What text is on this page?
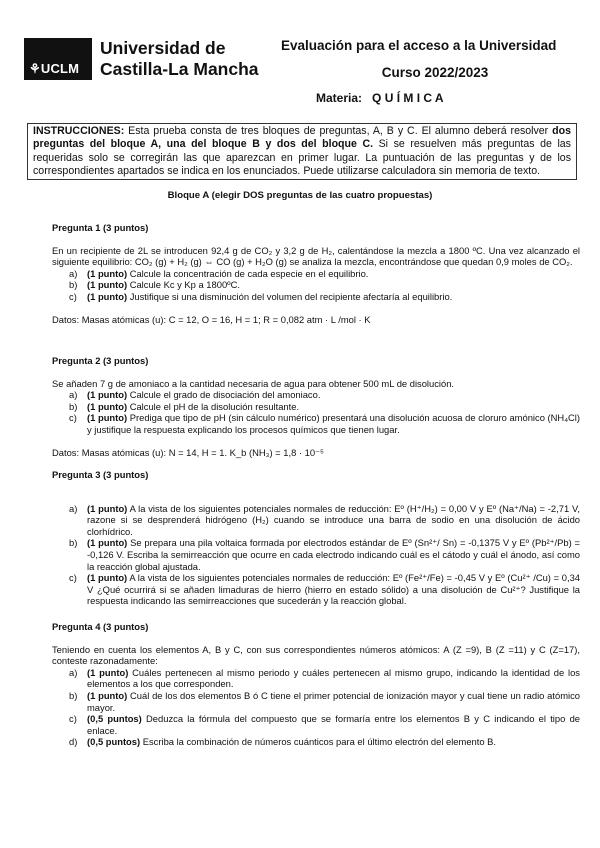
⚘UCLM
Universidad de
Castilla-La Mancha
Evaluación para el acceso a la Universidad
Curso 2022/2023
Materia: Q U Í M I C A
INSTRUCCIONES: Esta prueba consta de tres bloques de preguntas, A, B y C. El alumno deberá resolver dos preguntas del bloque A, una del bloque B y dos del bloque C. Si se resuelven más preguntas de las requeridas solo se corregirán las que aparezcan en primer lugar. La puntuación de las preguntas y de los correspondientes apartados se indica en los enunciados. Puede utilizarse calculadora sin memoria de texto.
Bloque A (elegir DOS preguntas de las cuatro propuestas)
Pregunta 1 (3 puntos)
En un recipiente de 2L se introducen 92,4 g de CO₂ y 3,2 g de H₂, calentándose la mezcla a 1800 ºC. Una vez alcanzado el siguiente equilibrio: CO₂ (g) + H₂ (g) ⇔ CO (g) + H₂O (g) se analiza la mezcla, encontrándose que quedan 0,9 moles de CO₂.
a)	(1 punto) Calcule la concentración de cada especie en el equilibrio.
b)	(1 punto) Calcule Kc y Kp a 1800ºC.
c)	(1 punto) Justifique si una disminución del volumen del recipiente afectaría al equilibrio.
Datos: Masas atómicas (u): C = 12, O = 16, H = 1; R = 0,082 atm · L /mol · K
Pregunta 2 (3 puntos)
Se añaden 7 g de amoniaco a la cantidad necesaria de agua para obtener 500 mL de disolución.
a)	(1 punto) Calcule el grado de disociación del amoniaco.
b)	(1 punto) Calcule el pH de la disolución resultante.
c)	(1 punto) Prediga que tipo de pH (sin cálculo numérico) presentará una disolución acuosa de cloruro amónico (NH₄Cl) y justifique la respuesta explicando los procesos químicos que tienen lugar.
Datos: Masas atómicas (u): N = 14, H = 1. K_b (NH₃) = 1,8 · 10⁻⁵
Pregunta 3 (3 puntos)
a)	(1 punto) A la vista de los siguientes potenciales normales de reducción: Eº (H⁺/H₂) = 0,00 V y Eº (Na⁺/Na) = -2,71 V, razone si se desprenderá hidrógeno (H₂) cuando se introduce una barra de sodio en una disolución de ácido clorhídrico.
b)	(1 punto) Se prepara una pila voltaica formada por electrodos estándar de Eº (Sn²⁺/ Sn) = -0,1375 V y Eº (Pb²⁺/Pb) = -0,126 V. Escriba la semirreacción que ocurre en cada electrodo indicando cuál es el cátodo y cuál el ánodo, así como la reacción global ajustada.
c)	(1 punto) A la vista de los siguientes potenciales normales de reducción: Eº (Fe²⁺/Fe) = -0,45 V y Eº (Cu²⁺ /Cu) = 0,34 V ¿Qué ocurrirá si se añaden limaduras de hierro (hierro en estado sólido) a una disolución de Cu²⁺? Justifique la respuesta indicando las semirreacciones que sucederán y la reacción global.
Pregunta 4 (3 puntos)
Teniendo en cuenta los elementos A, B y C, con sus correspondientes números atómicos: A (Z =9), B (Z =11) y C (Z=17), conteste razonadamente:
a)	(1 punto) Cuáles pertenecen al mismo periodo y cuáles pertenecen al mismo grupo, indicando la identidad de los elementos a los que corresponden.
b)	(1 punto) Cuál de los dos elementos B ó C tiene el primer potencial de ionización mayor y cual tiene un radio atómico mayor.
c)	(0,5 puntos) Deduzca la fórmula del compuesto que se formaría entre los elementos B y C indicando el tipo de enlace.
d)	(0,5 puntos) Escriba la combinación de números cuánticos para el último electrón del elemento B.
